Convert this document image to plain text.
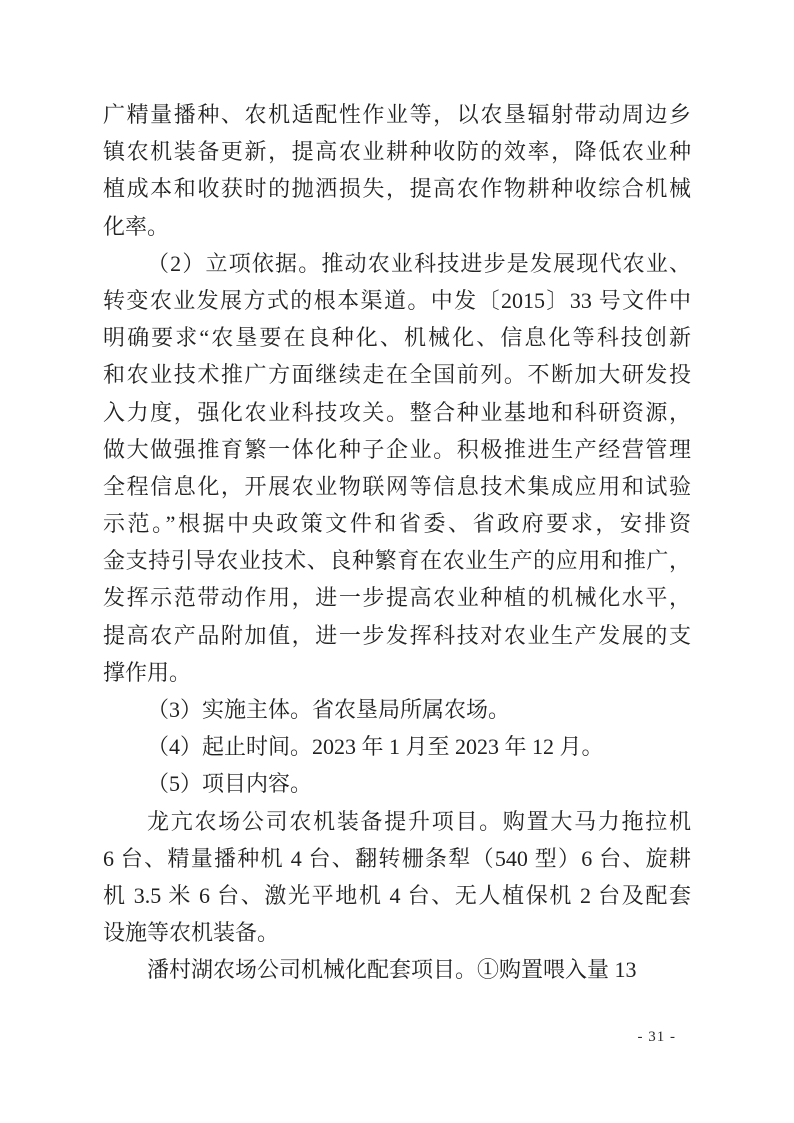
广精量播种、农机适配性作业等，以农垦辐射带动周边乡
镇农机装备更新，提高农业耕种收防的效率，降低农业种
植成本和收获时的抛洒损失，提高农作物耕种收综合机械
化率。
（2）立项依据。推动农业科技进步是发展现代农业、
转变农业发展方式的根本渠道。中发〔2015〕33 号文件中
明确要求“农垦要在良种化、机械化、信息化等科技创新
和农业技术推广方面继续走在全国前列。不断加大研发投
入力度，强化农业科技攻关。整合种业基地和科研资源，
做大做强推育繁一体化种子企业。积极推进生产经营管理
全程信息化，开展农业物联网等信息技术集成应用和试验
示范。”根据中央政策文件和省委、省政府要求，安排资
金支持引导农业技术、良种繁育在农业生产的应用和推广，
发挥示范带动作用，进一步提高农业种植的机械化水平，
提高农产品附加值，进一步发挥科技对农业生产发展的支
撑作用。
（3）实施主体。省农垦局所属农场。
（4）起止时间。2023 年 1 月至 2023 年 12 月。
（5）项目内容。
龙亢农场公司农机装备提升项目。购置大马力拖拉机
6 台、精量播种机 4 台、翻转栅条犁（540 型）6 台、旋耕
机 3.5 米 6 台、激光平地机 4 台、无人植保机 2 台及配套
设施等农机装备。
潘村湖农场公司机械化配套项目。①购置喂入量 13
- 31 -
